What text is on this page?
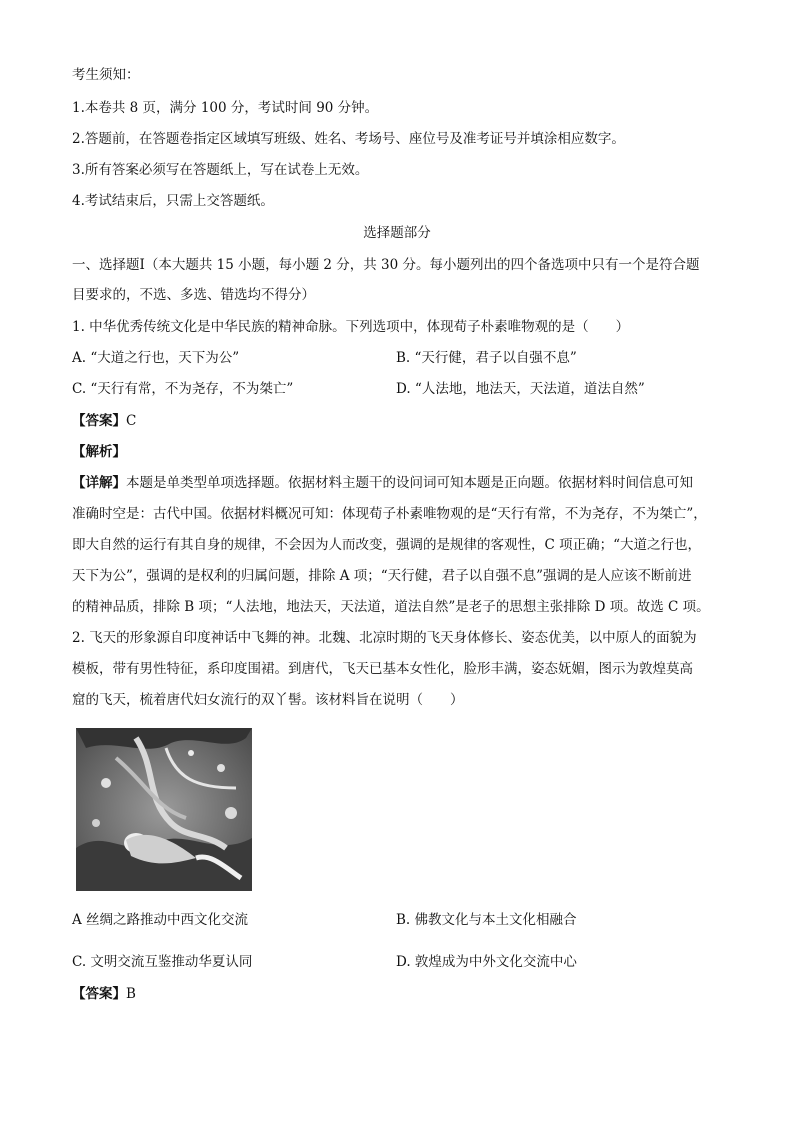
考生须知：
1.本卷共 8 页，满分 100 分，考试时间 90 分钟。
2.答题前，在答题卷指定区域填写班级、姓名、考场号、座位号及准考证号并填涂相应数字。
3.所有答案必须写在答题纸上，写在试卷上无效。
4.考试结束后，只需上交答题纸。
选择题部分
一、选择题Ⅰ（本大题共 15 小题，每小题 2 分，共 30 分。每小题列出的四个备选项中只有一个是符合题
目要求的，不选、多选、错选均不得分）
1. 中华优秀传统文化是中华民族的精神命脉。下列选项中，体现荀子朴素唯物观的是（　　）
A. “大道之行也，天下为公”	B. “天行健，君子以自强不息”
C. “天行有常，不为尧存，不为桀亡”	D. “人法地，地法天，天法道，道法自然”
【答案】C
【解析】
【详解】本题是单类型单项选择题。依据材料主题干的设问词可知本题是正向题。依据材料时间信息可知
准确时空是：古代中国。依据材料概况可知：体现荀子朴素唯物观的是“天行有常，不为尧存，不为桀亡”，
即大自然的运行有其自身的规律，不会因为人而改变，强调的是规律的客观性，C 项正确；“大道之行也，
天下为公”，强调的是权利的归属问题，排除 A 项；“天行健，君子以自强不息”强调的是人应该不断前进
的精神品质，排除 B 项；“人法地，地法天，天法道，道法自然”是老子的思想主张排除 D 项。故选 C 项。
2. 飞天的形象源自印度神话中飞舞的神。北魏、北凉时期的飞天身体修长、姿态优美，以中原人的面貌为
模板，带有男性特征，系印度围裙。到唐代，飞天已基本女性化，脸形丰满，姿态妩媚，图示为敦煌莫高
窟的飞天，梳着唐代妇女流行的双丫髻。该材料旨在说明（　　）
A 丝绸之路推动中西文化交流	B. 佛教文化与本土文化相融合
C. 文明交流互鉴推动华夏认同	D. 敦煌成为中外文化交流中心
【答案】B
